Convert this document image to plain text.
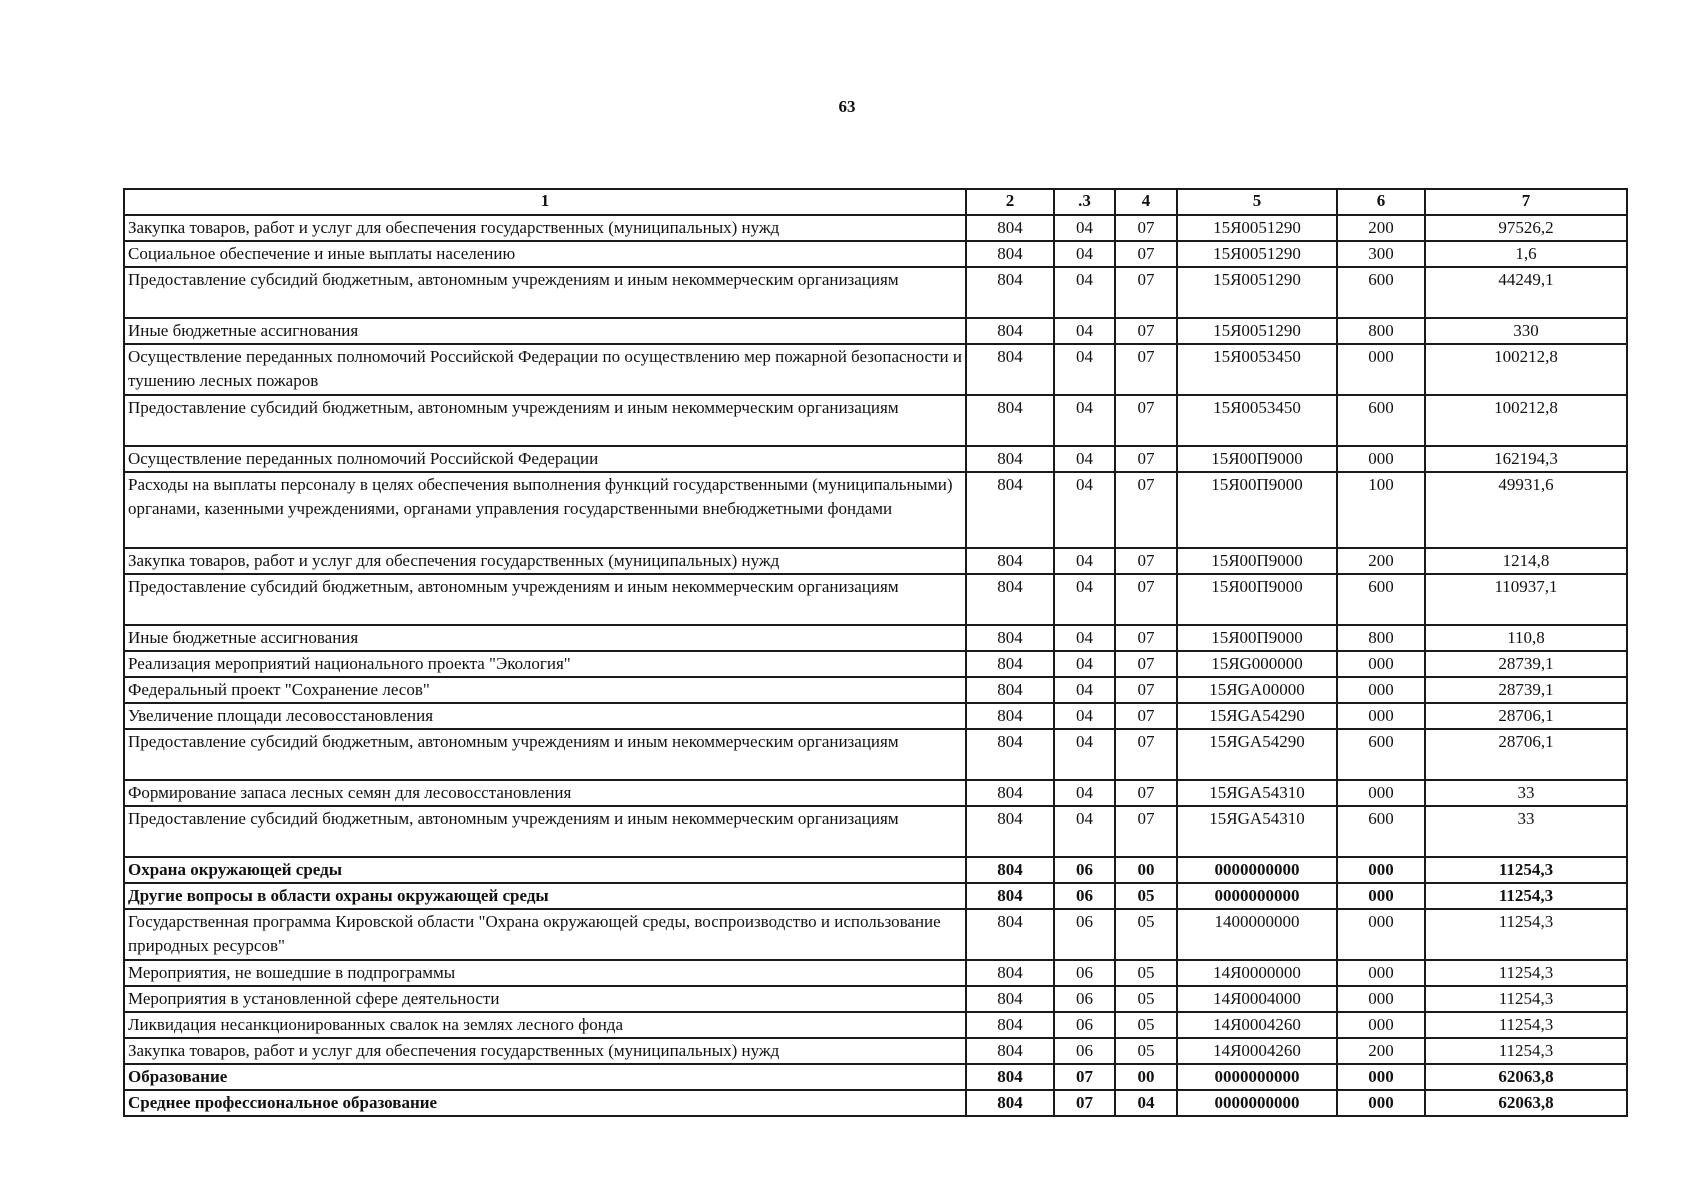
63
1	2	.3	4	5	6	7
Закупка товаров, работ и услуг для обеспечения государственных (муниципальных) нужд	804	04	07	15Я0051290	200	97526,2
Социальное обеспечение и иные выплаты населению	804	04	07	15Я0051290	300	1,6
Предоставление субсидий бюджетным, автономным учреждениям и иным некоммерческим организациям	804	04	07	15Я0051290	600	44249,1
Иные бюджетные ассигнования	804	04	07	15Я0051290	800	330
Осуществление переданных полномочий Российской Федерации по осуществлению мер пожарной безопасности и тушению лесных пожаров	804	04	07	15Я0053450	000	100212,8
Предоставление субсидий бюджетным, автономным учреждениям и иным некоммерческим организациям	804	04	07	15Я0053450	600	100212,8
Осуществление переданных полномочий Российской Федерации	804	04	07	15Я00П9000	000	162194,3
Расходы на выплаты персоналу в целях обеспечения выполнения функций государственными (муниципальными) органами, казенными учреждениями, органами управления государственными внебюджетными фондами	804	04	07	15Я00П9000	100	49931,6
Закупка товаров, работ и услуг для обеспечения государственных (муниципальных) нужд	804	04	07	15Я00П9000	200	1214,8
Предоставление субсидий бюджетным, автономным учреждениям и иным некоммерческим организациям	804	04	07	15Я00П9000	600	110937,1
Иные бюджетные ассигнования	804	04	07	15Я00П9000	800	110,8
Реализация мероприятий национального проекта "Экология"	804	04	07	15ЯG000000	000	28739,1
Федеральный проект "Сохранение лесов"	804	04	07	15ЯGA00000	000	28739,1
Увеличение площади лесовосстановления	804	04	07	15ЯGA54290	000	28706,1
Предоставление субсидий бюджетным, автономным учреждениям и иным некоммерческим организациям	804	04	07	15ЯGA54290	600	28706,1
Формирование запаса лесных семян для лесовосстановления	804	04	07	15ЯGA54310	000	33
Предоставление субсидий бюджетным, автономным учреждениям и иным некоммерческим организациям	804	04	07	15ЯGA54310	600	33
Охрана окружающей среды	804	06	00	0000000000	000	11254,3
Другие вопросы в области охраны окружающей среды	804	06	05	0000000000	000	11254,3
Государственная программа Кировской области "Охрана окружающей среды, воспроизводство и использование природных ресурсов"	804	06	05	1400000000	000	11254,3
Мероприятия, не вошедшие в подпрограммы	804	06	05	14Я0000000	000	11254,3
Мероприятия в установленной сфере деятельности	804	06	05	14Я0004000	000	11254,3
Ликвидация несанкционированных свалок на землях лесного фонда	804	06	05	14Я0004260	000	11254,3
Закупка товаров, работ и услуг для обеспечения государственных (муниципальных) нужд	804	06	05	14Я0004260	200	11254,3
Образование	804	07	00	0000000000	000	62063,8
Среднее профессиональное образование	804	07	04	0000000000	000	62063,8
